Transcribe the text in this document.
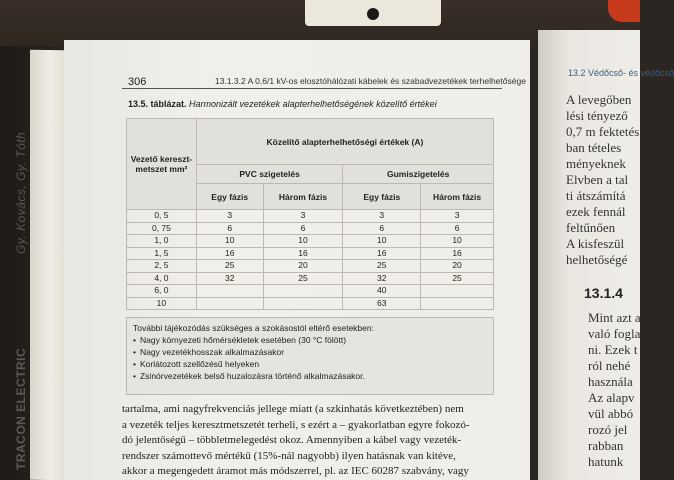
TRACON ELECTRIC Gy. Kovács, Gy. Tóth
13.2 Védőcső- és védőcső
A levegőben
lési tényező
0,7 m fektetés
ban tételes
ményeknek
Elvben a tal
ti átszámítá
ezek fennál
feltűnően
A kisfeszül
helhetőségé
13.1.4
Mint azt a
való fogla
ni. Ezek t
ról nehé
használa
Az alapv
vül abbó
rozó jel
rabban
hatunk
306	13.1.3.2 A 0,6/1 kV-os elosztóhálózati kábelek és szabadvezetékek terhelhetősége
13.5. táblázat. Harmonizált vezetékek alapterhelhetőségének közelítő értékei
Vezető kereszt-metszet mm²	Közelítő alapterhelhetőségi értékek (A)			
	PVC szigetelés		Gumiszigetelés	
	Egy fázis	Három fázis	Egy fázis	Három fázis
0, 5	3	3	3	3
0, 75	6	6	6	6
1, 0	10	10	10	10
1, 5	16	16	16	16
2, 5	25	20	25	20
4, 0	32	25	32	25
6, 0			40	
10			63	
További tájékozódás szükséges a szokásostól eltérő esetekben:
• Nagy környezeti hőmérsékletek esetében (30 °C fölött)
• Nagy vezetékhosszak alkalmazásakor
• Korlátozott szellőzésű helyeken
• Zsinórvezetékek belső huzalozásra történő alkalmazásakor.
tartalma, ami nagyfrekvenciás jellege miatt (a szkinhatás következtében) nem
a vezeték teljes keresztmetszetét terheli, s ezért a – gyakorlatban egyre fokozó-
dó jelentőségű – többletmelegedést okoz. Amennyiben a kábel vagy vezeték-
rendszer számottevő mértékű (15%-nál nagyobb) ilyen hatásnak van kitéve,
akkor a megengedett áramot más módszerrel, pl. az IEC 60287 szabvány, vagy
